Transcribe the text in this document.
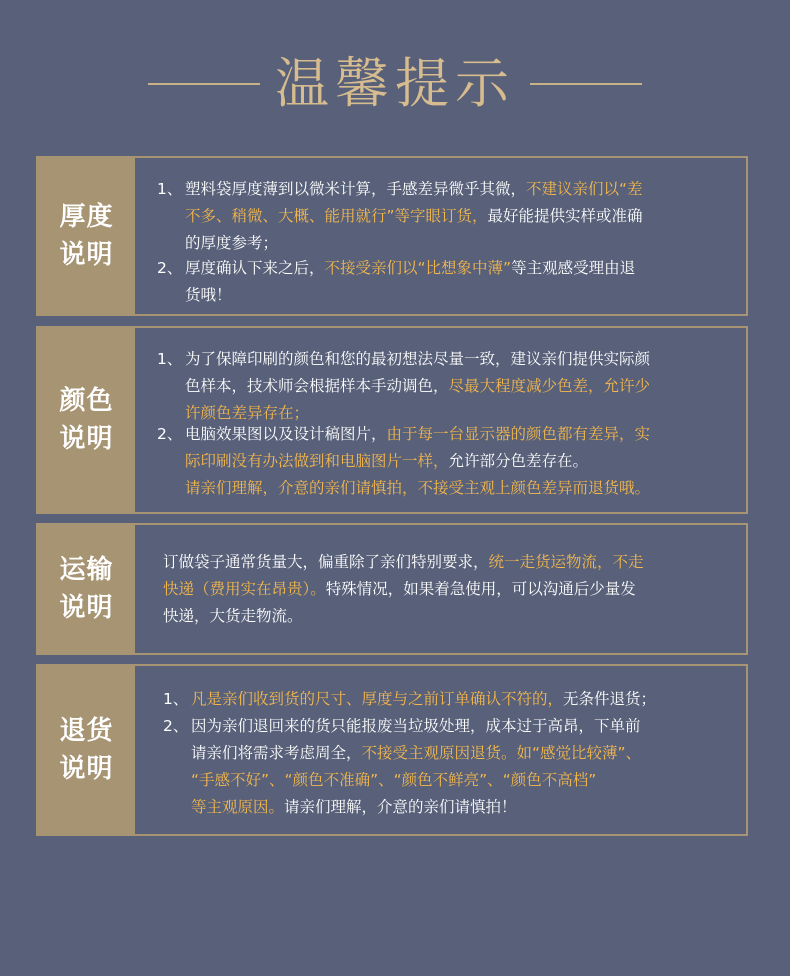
温馨提示
厚度
说明
1、 塑料袋厚度薄到以微米计算，手感差异微乎其微，不建议亲们以“差
不多、稍微、大概、能用就行”等字眼订货，最好能提供实样或准确
的厚度参考；
2、 厚度确认下来之后，不接受亲们以“比想象中薄”等主观感受理由退
货哦！
颜色
说明
1、 为了保障印刷的颜色和您的最初想法尽量一致，建议亲们提供实际颜
色样本，技术师会根据样本手动调色，尽最大程度减少色差，允许少
许颜色差异存在；
2、 电脑效果图以及设计稿图片，由于每一台显示器的颜色都有差异，实
际印刷没有办法做到和电脑图片一样，允许部分色差存在。
请亲们理解，介意的亲们请慎拍，不接受主观上颜色差异而退货哦。
运输
说明
订做袋子通常货量大，偏重除了亲们特别要求，统一走货运物流，不走
快递（费用实在昂贵）。特殊情况，如果着急使用，可以沟通后少量发
快递，大货走物流。
退货
说明
1、 凡是亲们收到货的尺寸、厚度与之前订单确认不符的，无条件退货；
2、 因为亲们退回来的货只能报废当垃圾处理，成本过于高昂，下单前
请亲们将需求考虑周全，不接受主观原因退货。如“感觉比较薄”、
“手感不好”、“颜色不准确”、“颜色不鲜亮”、“颜色不高档”
等主观原因。请亲们理解，介意的亲们请慎拍！
